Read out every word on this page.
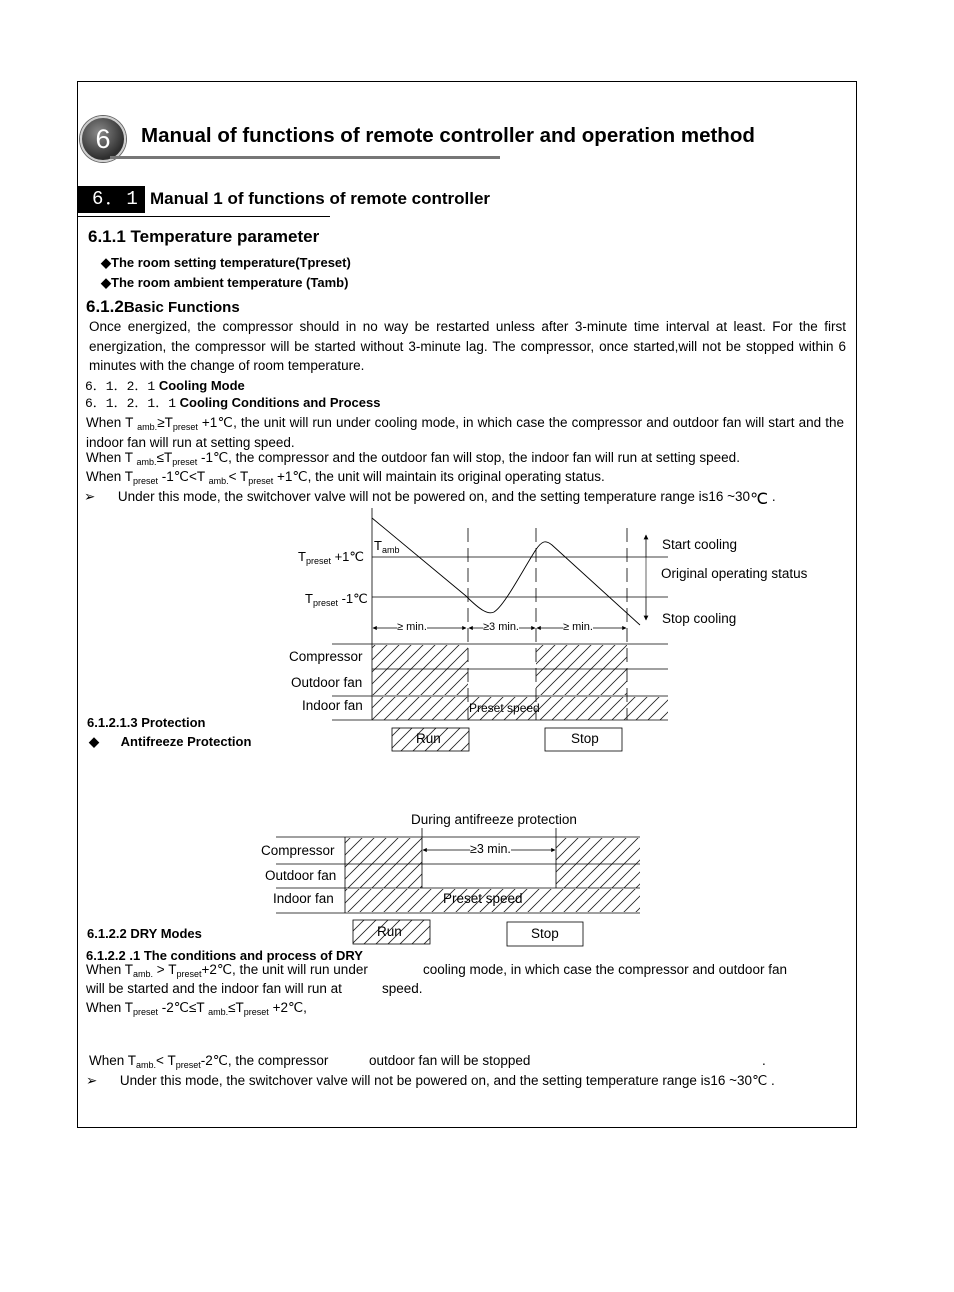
6	Manual of functions of remote controller and operation method
6．1 Manual 1 of functions of remote controller
6.1.1 Temperature parameter
◆The room setting temperature(Tpreset)
◆The room ambient temperature (Tamb)
6.1.2Basic Functions
Once energized, the compressor should in no way be restarted unless after 3-minute time interval at least. For the first energization, the compressor will be started without 3-minute lag. The compressor, once started,will not be stopped within 6 minutes with the change of room temperature.
6．1．2．1 Cooling Mode
6．1．2．1．1 Cooling Conditions and Process
When T $_{amb.}\ge T_{preset}$ +1℃, the unit will run under cooling mode, in which case the compressor and outdoor fan will start and the indoor fan will run at setting speed.
When T $_{amb.}\le T_{preset}$ -1℃, the compressor and the outdoor fan will stop, the indoor fan will run at setting speed.
When $T_{preset}$ -1℃<T $_{amb.}< T_{preset}$ +1℃, the unit will maintain its original operating status.
➢ Under this mode, the switchover valve will not be powered on, and the setting temperature range is16 ~30℃ .
$T_{amb}$
$T_{preset}$ +1℃
$T_{preset}$ -1℃
Start cooling
Original operating status
Stop cooling
≥ min.	≥3 min.	≥ min.
Compressor
Outdoor fan
Indoor fan	Preset speed
Run	Stop
6.1.2.1.3 Protection
◆ Antifreeze Protection
During antifreeze protection
≥3 min.
Compressor
Outdoor fan
Indoor fan	Preset speed
Run	Stop
6.1.2.2 DRY Modes
6.1.2.2 .1 The conditions and process of DRY
When $T_{amb.}$ > $T_{preset}+2℃$, the unit will run under	cooling mode, in which case the compressor and outdoor fan
will be started and the indoor fan will run at	speed.
When $T_{preset}$ -2℃≤T $_{amb.}\le T_{preset}$ +2℃,
When $T_{amb.}<$ $T_{preset}-2℃$, the compressor	outdoor fan will be stopped	.
➢ Under this mode, the switchover valve will not be powered on, and the setting temperature range is16 ~30℃ .
